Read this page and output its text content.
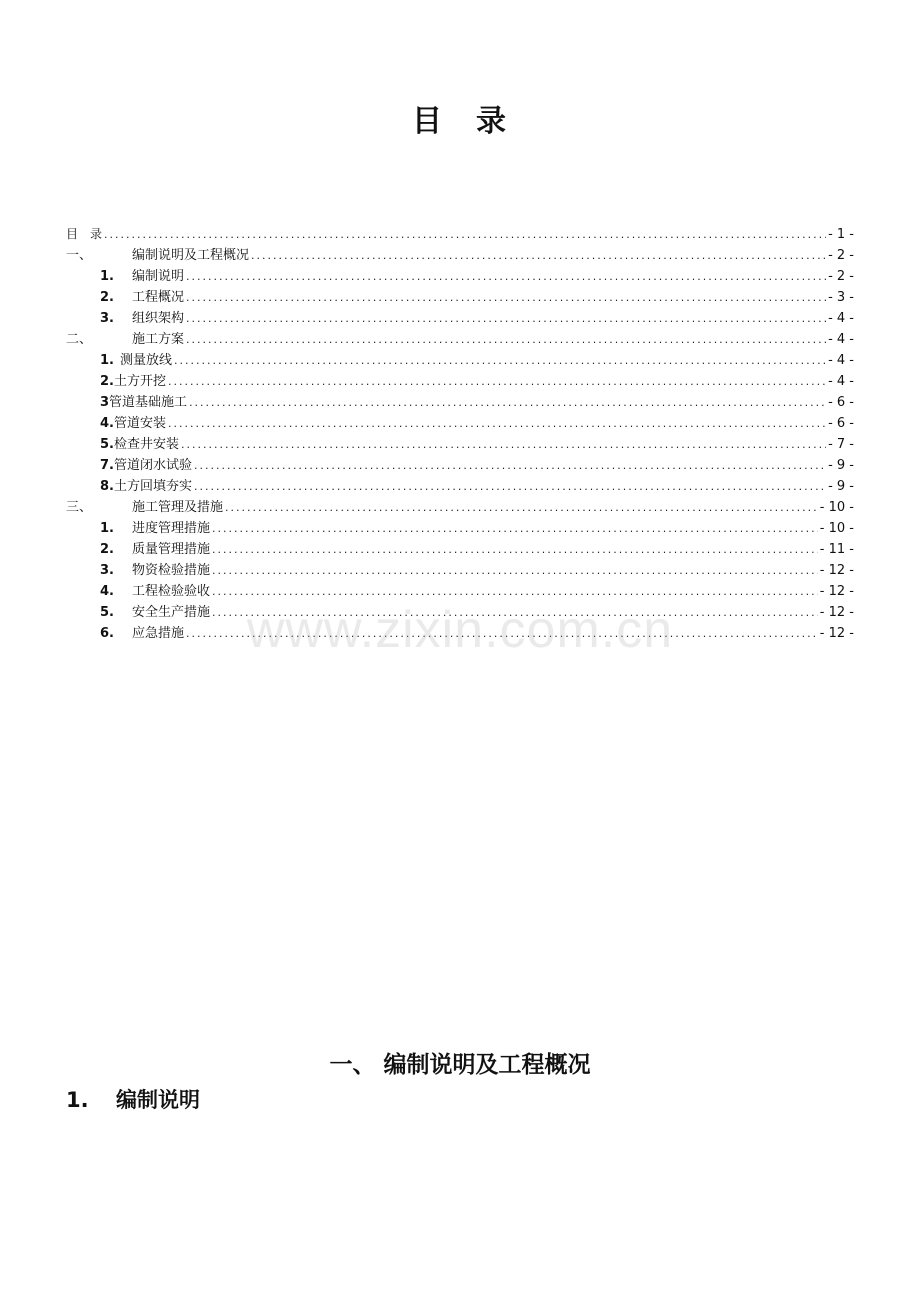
目　录
目　录 .....	- 1 -
一、	编制说明及工程概况 .....	- 2 -
1.	编制说明 .....	- 2 -
2.	工程概况 .....	- 3 -
3.	组织架构 .....	- 4 -
二、	施工方案 .....	- 4 -
1. 测量放线 .....	- 4 -
2. 土方开挖 .....	- 4 -
3 管道基础施工 .....	- 6 -
4. 管道安装 .....	- 6 -
5. 检查井安装 .....	- 7 -
7. 管道闭水试验 .....	- 9 -
8. 土方回填夯实 .....	- 9 -
三、	施工管理及措施 .....	- 10 -
1.	进度管理措施 .....	- 10 -
2.	质量管理措施 .....	- 11 -
3.	物资检验措施 .....	- 12 -
4.	工程检验验收 .....	- 12 -
5.	安全生产措施 .....	- 12 -
6.	应急措施 .....	- 12 -
www.zixin.com.cn
一、 编制说明及工程概况
1. 编制说明
